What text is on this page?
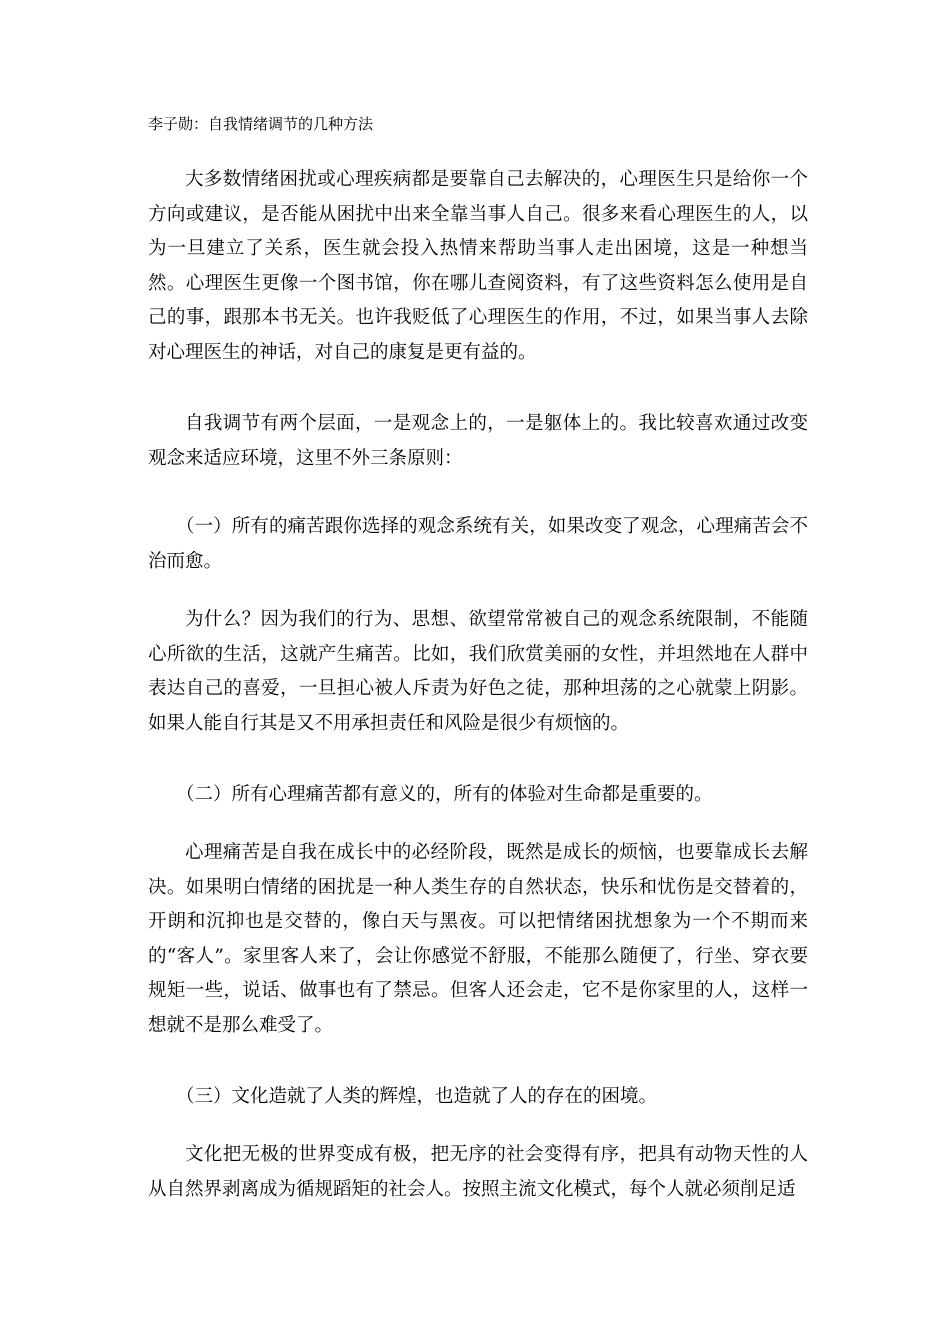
李子勋：自我情绪调节的几种方法

大多数情绪困扰或心理疾病都是要靠自己去解决的，心理医生只是给你一个方向或建议，是否能从困扰中出来全靠当事人自己。很多来看心理医生的人，以为一旦建立了关系，医生就会投入热情来帮助当事人走出困境，这是一种想当然。心理医生更像一个图书馆，你在哪儿查阅资料，有了这些资料怎么使用是自己的事，跟那本书无关。也许我贬低了心理医生的作用，不过，如果当事人去除对心理医生的神话，对自己的康复是更有益的。

自我调节有两个层面，一是观念上的，一是躯体上的。我比较喜欢通过改变观念来适应环境，这里不外三条原则：

（一）所有的痛苦跟你选择的观念系统有关，如果改变了观念，心理痛苦会不治而愈。

为什么？因为我们的行为、思想、欲望常常被自己的观念系统限制，不能随心所欲的生活，这就产生痛苦。比如，我们欣赏美丽的女性，并坦然地在人群中表达自己的喜爱，一旦担心被人斥责为好色之徒，那种坦荡的之心就蒙上阴影。如果人能自行其是又不用承担责任和风险是很少有烦恼的。

（二）所有心理痛苦都有意义的，所有的体验对生命都是重要的。

心理痛苦是自我在成长中的必经阶段，既然是成长的烦恼，也要靠成长去解决。如果明白情绪的困扰是一种人类生存的自然状态，快乐和忧伤是交替着的，开朗和沉抑也是交替的，像白天与黑夜。可以把情绪困扰想象为一个不期而来的“客人”。家里客人来了，会让你感觉不舒服，不能那么随便了，行坐、穿衣要规矩一些，说话、做事也有了禁忌。但客人还会走，它不是你家里的人，这样一想就不是那么难受了。

（三）文化造就了人类的辉煌，也造就了人的存在的困境。

文化把无极的世界变成有极，把无序的社会变得有序，把具有动物天性的人从自然界剥离成为循规蹈矩的社会人。按照主流文化模式，每个人就必须削足适
